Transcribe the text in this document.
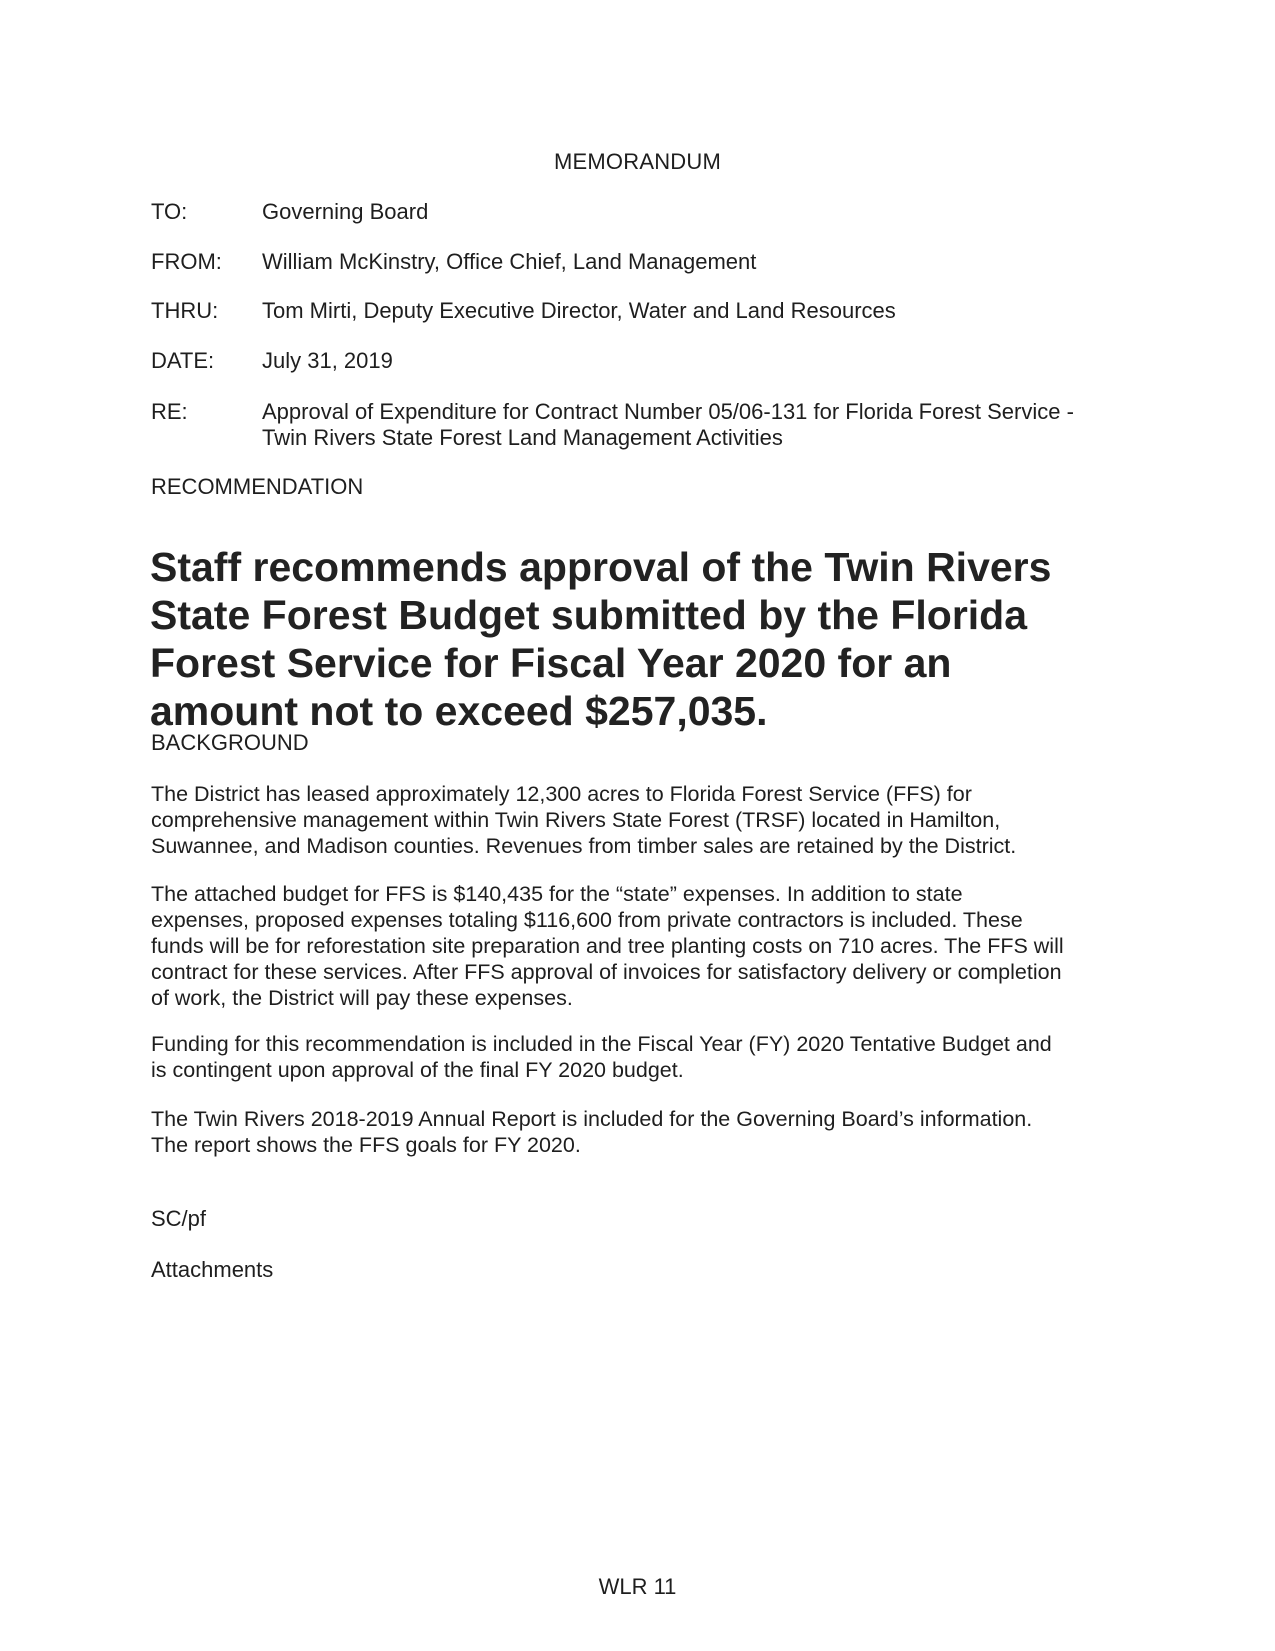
MEMORANDUM
TO:	Governing Board
FROM:	William McKinstry, Office Chief, Land Management
THRU:	Tom Mirti, Deputy Executive Director, Water and Land Resources
DATE:	July 31, 2019
RE:	Approval of Expenditure for Contract Number 05/06-131 for Florida Forest Service -
Twin Rivers State Forest Land Management Activities
RECOMMENDATION
Staff recommends approval of the Twin Rivers
State Forest Budget submitted by the Florida
Forest Service for Fiscal Year 2020 for an
amount not to exceed $257,035.
BACKGROUND
The District has leased approximately 12,300 acres to Florida Forest Service (FFS) for
comprehensive management within Twin Rivers State Forest (TRSF) located in Hamilton,
Suwannee, and Madison counties. Revenues from timber sales are retained by the District.
The attached budget for FFS is $140,435 for the “state” expenses. In addition to state
expenses, proposed expenses totaling $116,600 from private contractors is included. These
funds will be for reforestation site preparation and tree planting costs on 710 acres. The FFS will
contract for these services. After FFS approval of invoices for satisfactory delivery or completion
of work, the District will pay these expenses.
Funding for this recommendation is included in the Fiscal Year (FY) 2020 Tentative Budget and
is contingent upon approval of the final FY 2020 budget.
The Twin Rivers 2018-2019 Annual Report is included for the Governing Board’s information.
The report shows the FFS goals for FY 2020.
SC/pf
Attachments
WLR 11
